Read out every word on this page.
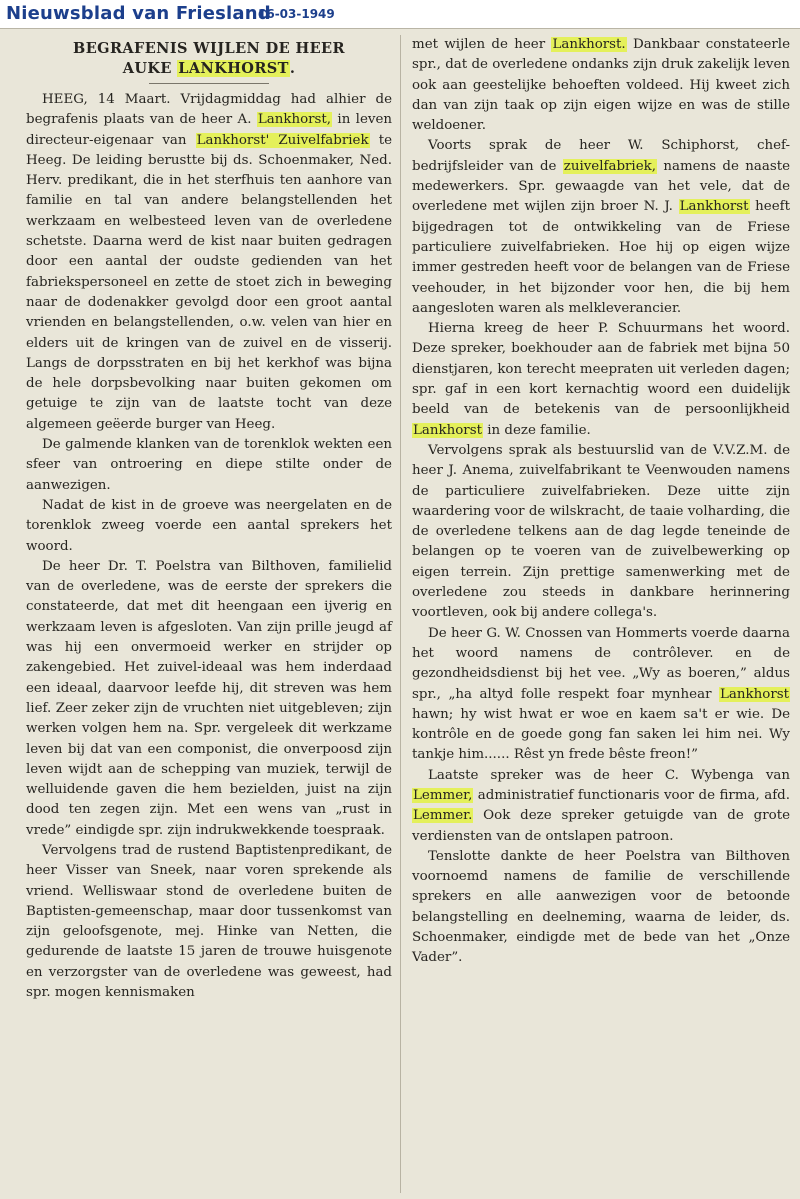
Nieuwsblad van Friesland
16-03-1949
BEGRAFENIS WIJLEN DE HEER
AUKE LANKHORST.

HEEG, 14 Maart. Vrijdagmiddag had alhier de begrafenis plaats van de heer A. Lankhorst, in leven directeur-eigenaar van Lankhorst' Zuivelfabriek te Heeg. De leiding berustte bij ds. Schoenmaker, Ned. Herv. predikant, die in het sterfhuis ten aanhore van familie en tal van andere belangstellenden het werkzaam en welbesteed leven van de overledene schetste. Daarna werd de kist naar buiten gedragen door een aantal der oudste gedienden van het fabriekspersoneel en zette de stoet zich in beweging naar de dodenakker gevolgd door een groot aantal vrienden en belangstellenden, o.w. velen van hier en elders uit de kringen van de zuivel en de visserij. Langs de dorpsstraten en bij het kerkhof was bijna de hele dorpsbevolking naar buiten gekomen om getuige te zijn van de laatste tocht van deze algemeen geëerde burger van Heeg.

De galmende klanken van de torenklok wekten een sfeer van ontroering en diepe stilte onder de aanwezigen.

Nadat de kist in de groeve was neergelaten en de torenklok zweeg voerde een aantal sprekers het woord.

De heer Dr. T. Poelstra van Bilthoven, familielid van de overledene, was de eerste der sprekers die constateerde, dat met dit heengaan een ijverig en werkzaam leven is afgesloten. Van zijn prille jeugd af was hij een onvermoeid werker en strijder op zakengebied. Het zuivel-ideaal was hem inderdaad een ideaal, daarvoor leefde hij, dit streven was hem lief. Zeer zeker zijn de vruchten niet uitgebleven; zijn werken volgen hem na. Spr. vergeleek dit werkzame leven bij dat van een componist, die onverpoosd zijn leven wijdt aan de schepping van muziek, terwijl de welluidende gaven die hem bezielden, juist na zijn dood ten zegen zijn. Met een wens van „rust in vrede” eindigde spr. zijn indrukwekkende toespraak.

Vervolgens trad de rustend Baptistenpredikant, de heer Visser van Sneek, naar voren sprekende als vriend. Welliswaar stond de overledene buiten de Baptisten-gemeenschap, maar door tussenkomst van zijn geloofsgenote, mej. Hinke van Netten, die gedurende de laatste 15 jaren de trouwe huisgenote en verzorgster van de overledene was geweest, had spr. mogen kennismaken

met wijlen de heer Lankhorst. Dankbaar constateerle spr., dat de overledene ondanks zijn druk zakelijk leven ook aan geestelijke behoeften voldeed. Hij kweet zich dan van zijn taak op zijn eigen wijze en was de stille weldoener.

Voorts sprak de heer W. Schiphorst, chef-bedrijfsleider van de zuivelfabriek, namens de naaste medewerkers. Spr. gewaagde van het vele, dat de overledene met wijlen zijn broer N. J. Lankhorst heeft bijgedragen tot de ontwikkeling van de Friese particuliere zuivelfabrieken. Hoe hij op eigen wijze immer gestreden heeft voor de belangen van de Friese veehouder, in het bijzonder voor hen, die bij hem aangesloten waren als melkleverancier.

Hierna kreeg de heer P. Schuurmans het woord. Deze spreker, boekhouder aan de fabriek met bijna 50 dienstjaren, kon terecht meepraten uit verleden dagen; spr. gaf in een kort kernachtig woord een duidelijk beeld van de betekenis van de persoonlijkheid Lankhorst in deze familie.

Vervolgens sprak als bestuurslid van de V.V.Z.M. de heer J. Anema, zuivelfabrikant te Veenwouden namens de particuliere zuivelfabrieken. Deze uitte zijn waardering voor de wilskracht, de taaie volharding, die de overledene telkens aan de dag legde teneinde de belangen op te voeren van de zuivelbewerking op eigen terrein. Zijn prettige samenwerking met de overledene zou steeds in dankbare herinnering voortleven, ook bij andere collega's.

De heer G. W. Cnossen van Hommerts voerde daarna het woord namens de contrôlever. en de gezondheidsdienst bij het vee. „Wy as boeren,” aldus spr., „ha altyd folle respekt foar mynhear Lankhorst hawn; hy wist hwat er woe en kaem sa't er wie. De kontrôle en de goede gong fan saken lei him nei. Wy tankje him...... Rêst yn frede bêste freon!”

Laatste spreker was de heer C. Wybenga van Lemmer, administratief functionaris voor de firma, afd. Lemmer. Ook deze spreker getuigde van de grote verdiensten van de ontslapen patroon.

Tenslotte dankte de heer Poelstra van Bilthoven voornoemd namens de familie de verschillende sprekers en alle aanwezigen voor de betoonde belangstelling en deelneming, waarna de leider, ds. Schoenmaker, eindigde met de bede van het „Onze Vader”.
